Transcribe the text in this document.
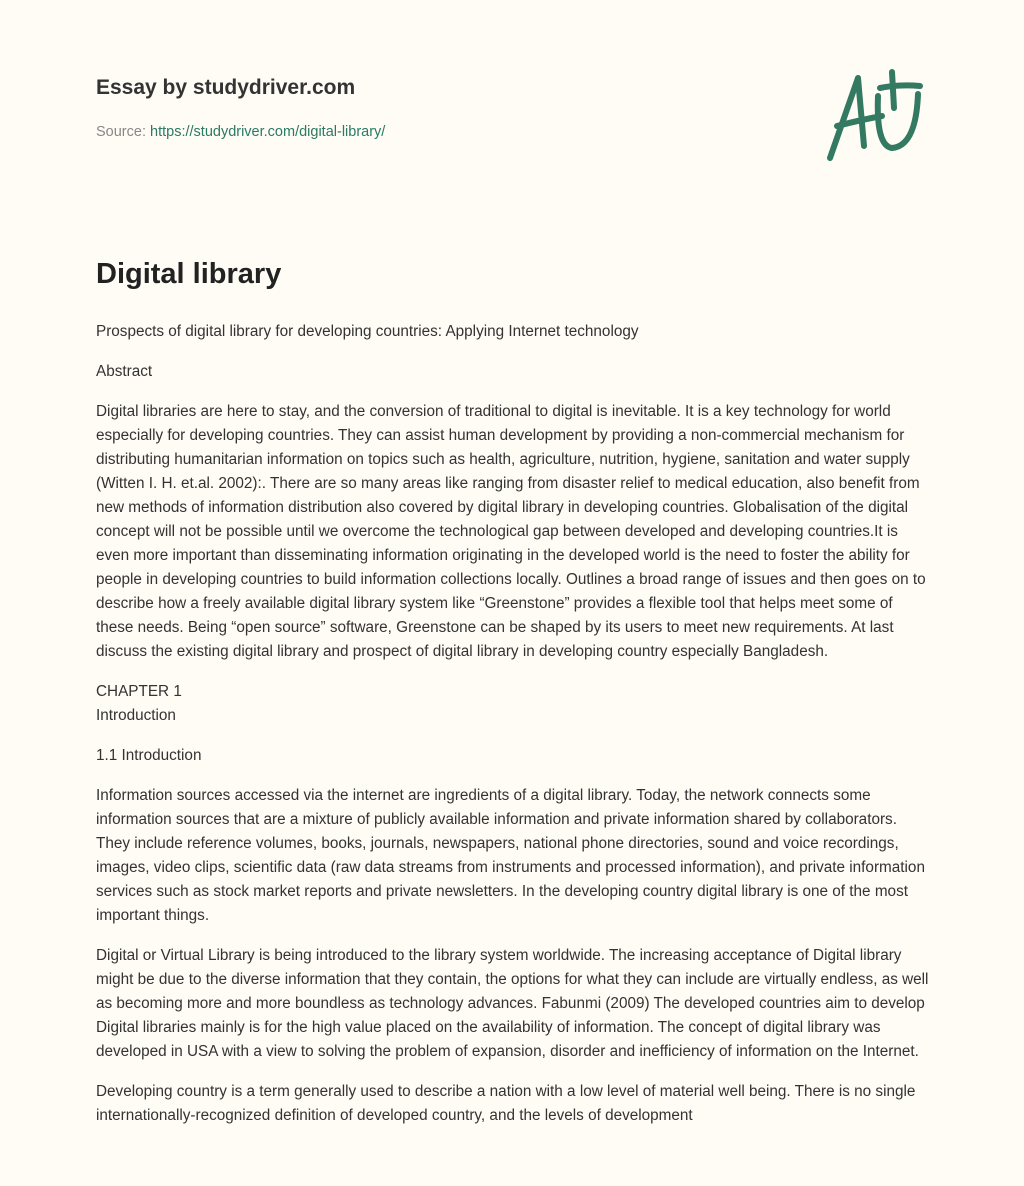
Essay by studydriver.com
Source: https://studydriver.com/digital-library/
Digital library

Prospects of digital library for developing countries: Applying Internet technology

Abstract

Digital libraries are here to stay, and the conversion of traditional to digital is inevitable. It is a key technology for world especially for developing countries. They can assist human development by providing a non-commercial mechanism for distributing humanitarian information on topics such as health, agriculture, nutrition, hygiene, sanitation and water supply (Witten I. H. et.al. 2002):. There are so many areas like ranging from disaster relief to medical education, also benefit from new methods of information distribution also covered by digital library in developing countries. Globalisation of the digital concept will not be possible until we overcome the technological gap between developed and developing countries.It is even more important than disseminating information originating in the developed world is the need to foster the ability for people in developing countries to build information collections locally. Outlines a broad range of issues and then goes on to describe how a freely available digital library system like “Greenstone” provides a flexible tool that helps meet some of these needs. Being “open source” software, Greenstone can be shaped by its users to meet new requirements. At last discuss the existing digital library and prospect of digital library in developing country especially Bangladesh.

CHAPTER 1
Introduction

1.1 Introduction

Information sources accessed via the internet are ingredients of a digital library. Today, the network connects some information sources that are a mixture of publicly available information and private information shared by collaborators. They include reference volumes, books, journals, newspapers, national phone directories, sound and voice recordings, images, video clips, scientific data (raw data streams from instruments and processed information), and private information services such as stock market reports and private newsletters. In the developing country digital library is one of the most important things.

Digital or Virtual Library is being introduced to the library system worldwide. The increasing acceptance of Digital library might be due to the diverse information that they contain, the options for what they can include are virtually endless, as well as becoming more and more boundless as technology advances. Fabunmi (2009) The developed countries aim to develop Digital libraries mainly is for the high value placed on the availability of information. The concept of digital library was developed in USA with a view to solving the problem of expansion, disorder and inefficiency of information on the Internet.

Developing country is a term generally used to describe a nation with a low level of material well being. There is no single internationally-recognized definition of developed country, and the levels of development
